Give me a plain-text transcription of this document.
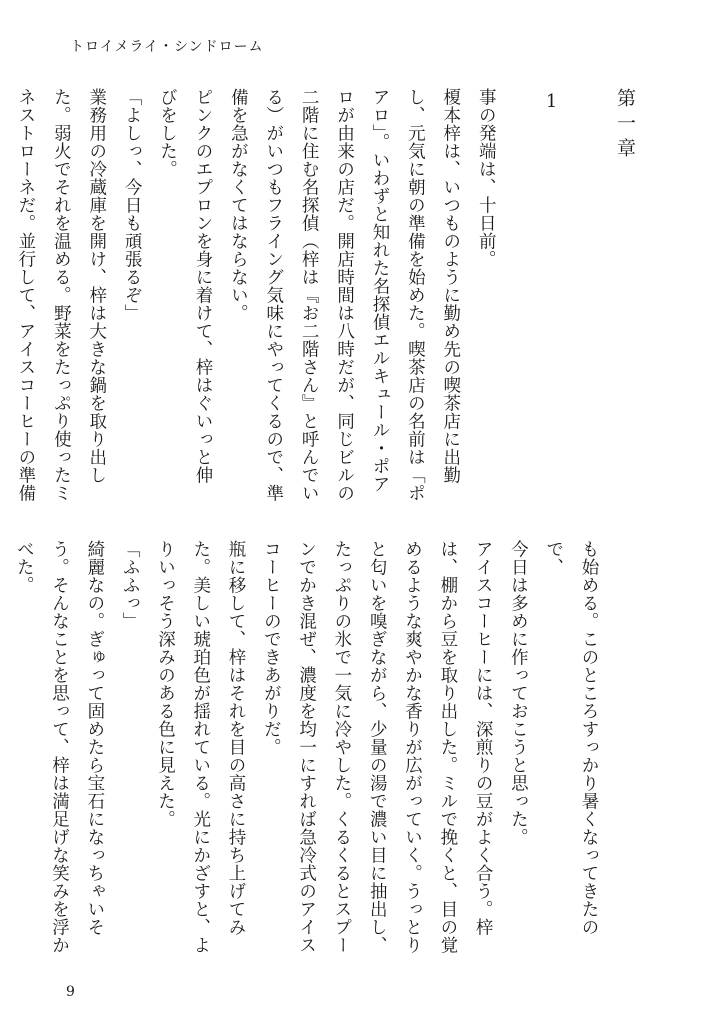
トロイメライ・シンドローム
第一章
1
事の発端は、十日前。
榎本梓は、いつものように勤め先の喫茶店に出勤
し、元気に朝の準備を始めた。喫茶店の名前は「ポ
アロ」。いわずと知れた名探偵エルキュール・ポア
ロが由来の店だ。開店時間は八時だが、同じビルの
二階に住む名探偵（梓は『お二階さん』と呼んでい
る）がいつもフライング気味にやってくるので、準
備を急がなくてはならない。
ピンクのエプロンを身に着けて、梓はぐいっと伸
びをした。
「よしっ、今日も頑張るぞ」
業務用の冷蔵庫を開け、梓は大きな鍋を取り出し
た。弱火でそれを温める。野菜をたっぷり使ったミ
ネストローネだ。並行して、アイスコーヒーの準備
も始める。このところすっかり暑くなってきたので、
今日は多めに作っておこうと思った。
アイスコーヒーには、深煎りの豆がよく合う。梓
は、棚から豆を取り出した。ミルで挽くと、目の覚
めるような爽やかな香りが広がっていく。うっとり
と匂いを嗅ぎながら、少量の湯で濃い目に抽出し、
たっぷりの氷で一気に冷やした。くるくるとスプー
ンでかき混ぜ、濃度を均一にすれば急冷式のアイス
コーヒーのできあがりだ。
瓶に移して、梓はそれを目の高さに持ち上げてみ
た。美しい琥珀色が揺れている。光にかざすと、よ
りいっそう深みのある色に見えた。
「ふふっ」
綺麗なの。ぎゅって固めたら宝石になっちゃいそ
う。そんなことを思って、梓は満足げな笑みを浮か
べた。
9
